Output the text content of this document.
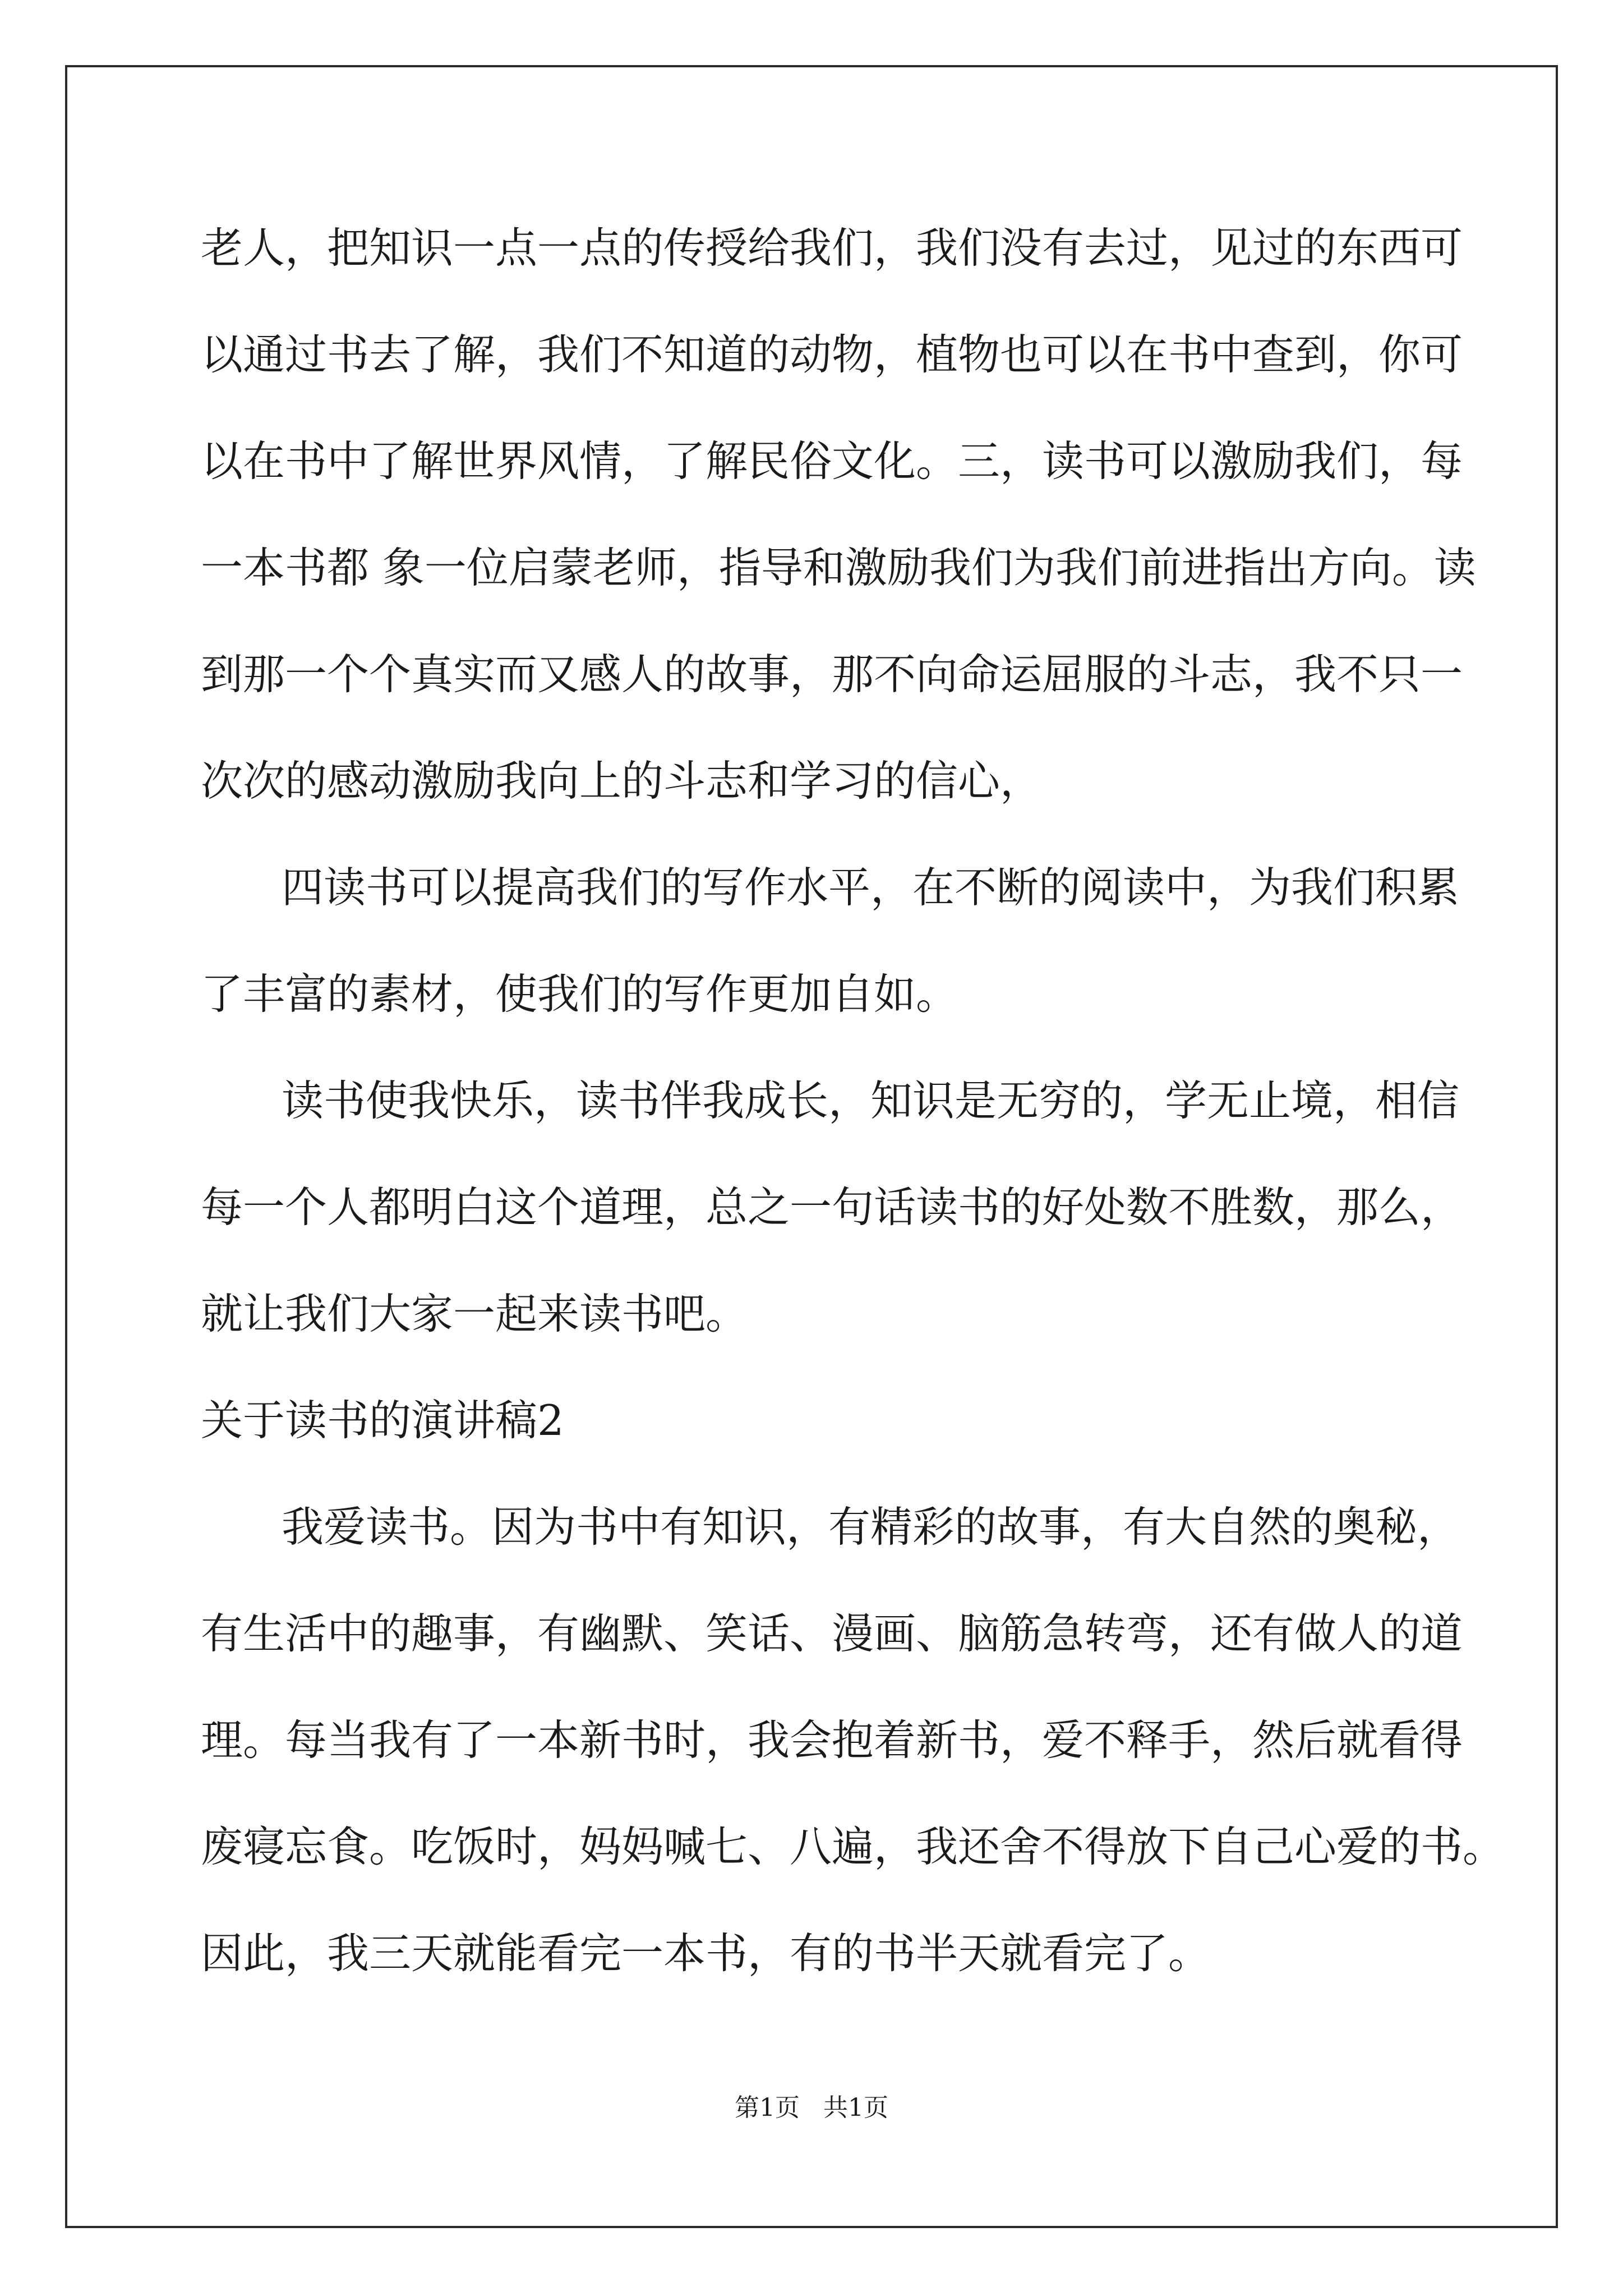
老人，把知识一点一点的传授给我们，我们没有去过，见过的东西可
以通过书去了解，我们不知道的动物，植物也可以在书中查到，你可
以在书中了解世界风情，了解民俗文化。三，读书可以激励我们，每
一本书都 象一位启蒙老师，指导和激励我们为我们前进指出方向。读
到那一个个真实而又感人的故事，那不向命运屈服的斗志，我不只一
次次的感动激励我向上的斗志和学习的信心，
四读书可以提高我们的写作水平，在不断的阅读中，为我们积累
了丰富的素材，使我们的写作更加自如。
读书使我快乐，读书伴我成长，知识是无穷的，学无止境，相信
每一个人都明白这个道理，总之一句话读书的好处数不胜数，那么，
就让我们大家一起来读书吧。
关于读书的演讲稿2
我爱读书。因为书中有知识，有精彩的故事，有大自然的奥秘，
有生活中的趣事，有幽默、笑话、漫画、脑筋急转弯，还有做人的道
理。每当我有了一本新书时，我会抱着新书，爱不释手，然后就看得
废寝忘食。吃饭时，妈妈喊七、八遍，我还舍不得放下自己心爱的书。
因此，我三天就能看完一本书，有的书半天就看完了。
第1页   共1页
